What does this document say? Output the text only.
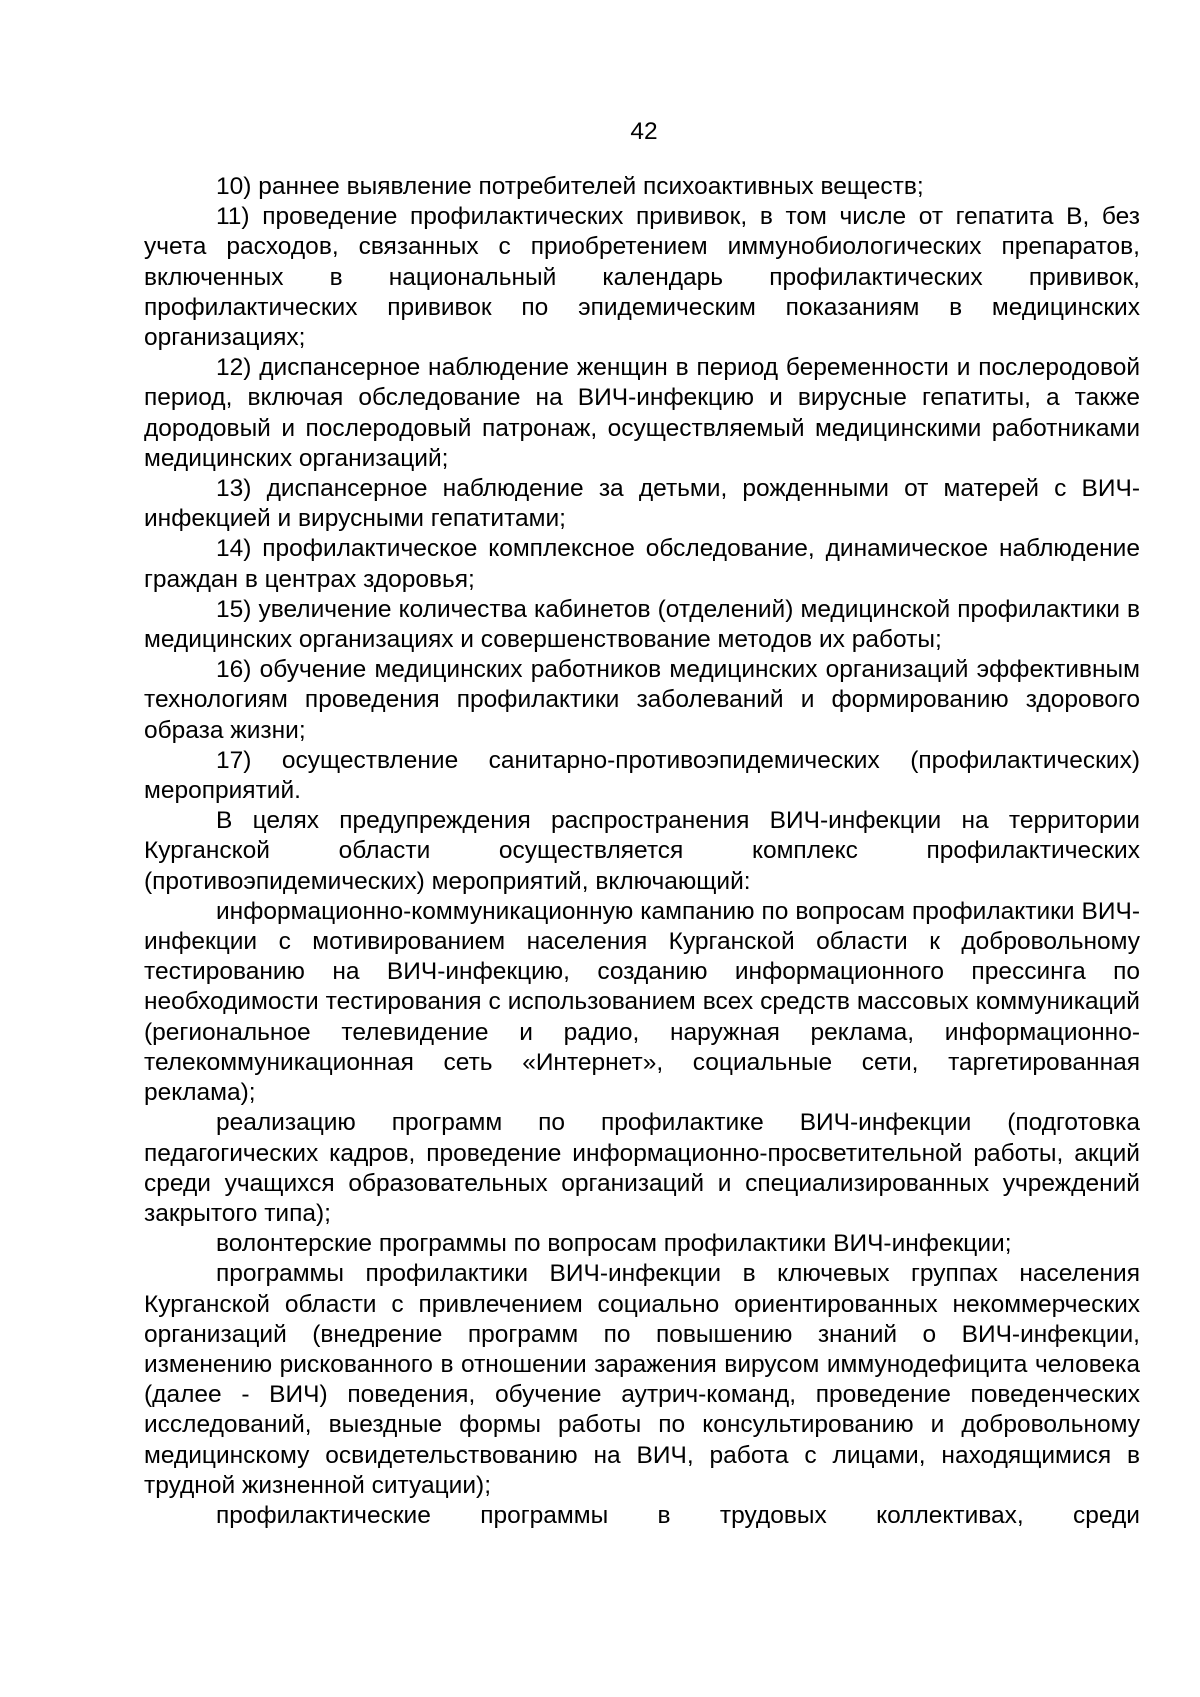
42

10) раннее выявление потребителей психоактивных веществ;

11) проведение профилактических прививок, в том числе от гепатита В, без учета расходов, связанных с приобретением иммунобиологических препаратов, включенных в национальный календарь профилактических прививок, профилактических прививок по эпидемическим показаниям в медицинских организациях;

12) диспансерное наблюдение женщин в период беременности и послеродовой период, включая обследование на ВИЧ-инфекцию и вирусные гепатиты, а также дородовый и послеродовый патронаж, осуществляемый медицинскими работниками медицинских организаций;

13) диспансерное наблюдение за детьми, рожденными от матерей с ВИЧ-инфекцией и вирусными гепатитами;

14) профилактическое комплексное обследование, динамическое наблюдение граждан в центрах здоровья;

15) увеличение количества кабинетов (отделений) медицинской профилактики в медицинских организациях и совершенствование методов их работы;

16) обучение медицинских работников медицинских организаций эффективным технологиям проведения профилактики заболеваний и формированию здорового образа жизни;

17) осуществление санитарно-противоэпидемических (профилактических) мероприятий.

В целях предупреждения распространения ВИЧ-инфекции на территории Курганской области осуществляется комплекс профилактических (противоэпидемических) мероприятий, включающий:

информационно-коммуникационную кампанию по вопросам профилактики ВИЧ-инфекции с мотивированием населения Курганской области к добровольному тестированию на ВИЧ-инфекцию, созданию информационного прессинга по необходимости тестирования с использованием всех средств массовых коммуникаций (региональное телевидение и радио, наружная реклама, информационно-телекоммуникационная сеть «Интернет», социальные сети, таргетированная реклама);

реализацию программ по профилактике ВИЧ-инфекции (подготовка педагогических кадров, проведение информационно-просветительной работы, акций среди учащихся образовательных организаций и специализированных учреждений закрытого типа);

волонтерские программы по вопросам профилактики ВИЧ-инфекции;

программы профилактики ВИЧ-инфекции в ключевых группах населения Курганской области с привлечением социально ориентированных некоммерческих организаций (внедрение программ по повышению знаний о ВИЧ-инфекции, изменению рискованного в отношении заражения вирусом иммунодефицита человека (далее - ВИЧ) поведения, обучение аутрич-команд, проведение поведенческих исследований, выездные формы работы по консультированию и добровольному медицинскому освидетельствованию на ВИЧ, работа с лицами, находящимися в трудной жизненной ситуации);

профилактические программы в трудовых коллективах, среди
